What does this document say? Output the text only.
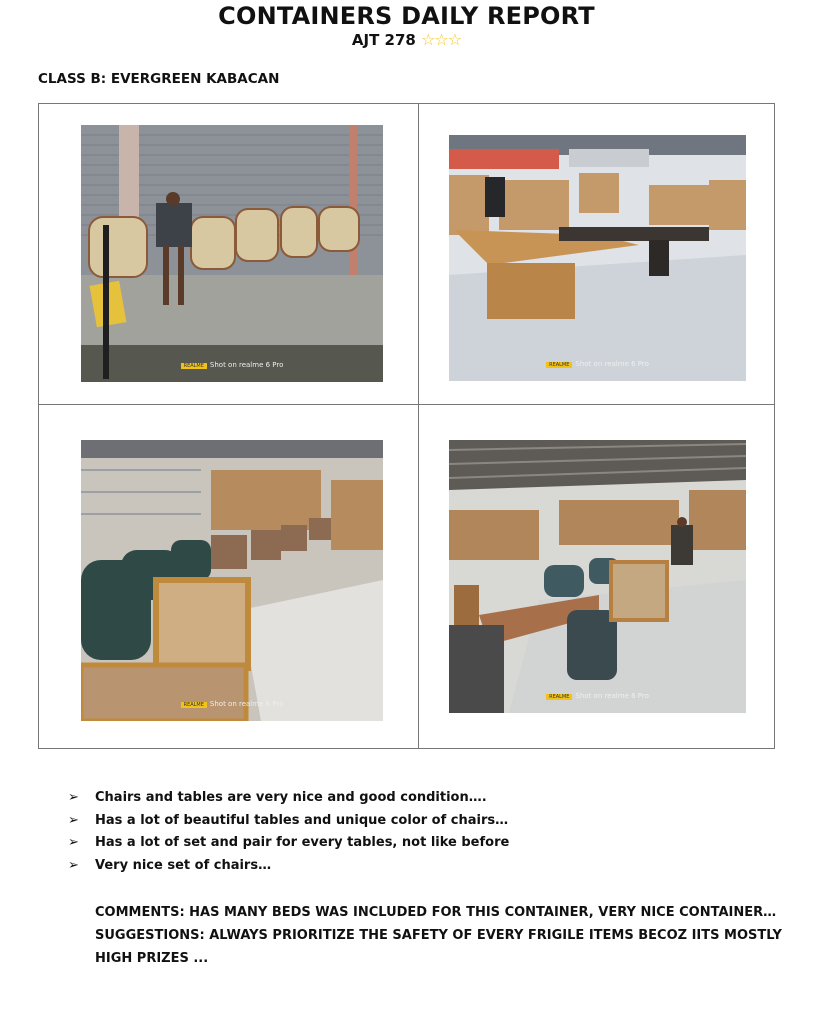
CONTAINERS DAILY REPORT
AJT 278 ☆☆☆
CLASS B: EVERGREEN KABACAN
REALME Shot on realme 6 Pro	REALME Shot on realme 6 Pro
REALME Shot on realme 6 Pro
REALME Shot on realme 6 Pro
➢ Chairs and tables are very nice and good condition….
➢ Has a lot of beautiful tables and unique color of chairs…
➢ Has a lot of set and pair for every tables, not like before
➢ Very nice set of chairs…
COMMENTS: HAS MANY BEDS WAS INCLUDED FOR THIS CONTAINER, VERY NICE CONTAINER…
SUGGESTIONS: ALWAYS PRIORITIZE THE SAFETY OF EVERY FRIGILE ITEMS BECOZ IITS MOSTLY
HIGH PRIZES ...
